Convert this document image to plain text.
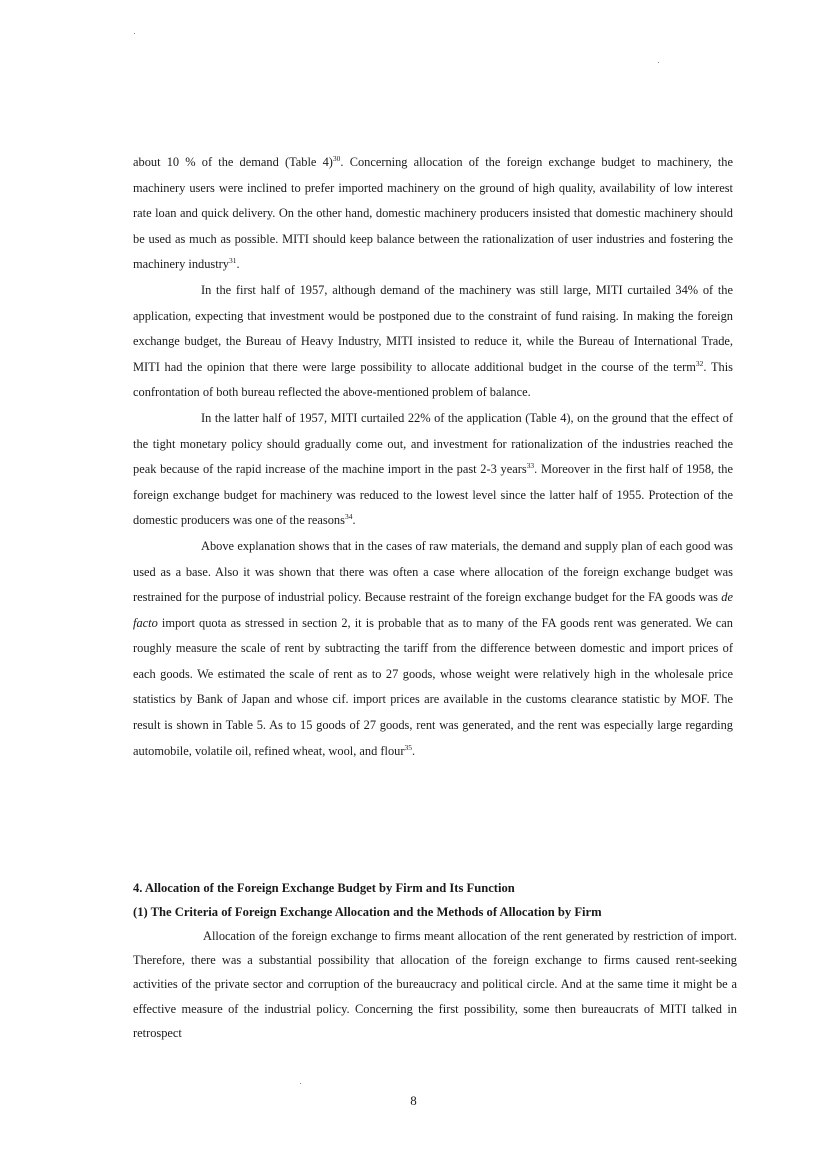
about 10 % of the demand (Table 4)$^{30}$. Concerning allocation of the foreign exchange budget to machinery, the machinery users were inclined to prefer imported machinery on the ground of high quality, availability of low interest rate loan and quick delivery. On the other hand, domestic machinery producers insisted that domestic machinery should be used as much as possible. MITI should keep balance between the rationalization of user industries and fostering the machinery industry$^{31}$.

In the first half of 1957, although demand of the machinery was still large, MITI curtailed 34% of the application, expecting that investment would be postponed due to the constraint of fund raising. In making the foreign exchange budget, the Bureau of Heavy Industry, MITI insisted to reduce it, while the Bureau of International Trade, MITI had the opinion that there were large possibility to allocate additional budget in the course of the term$^{32}$. This confrontation of both bureau reflected the above-mentioned problem of balance.

In the latter half of 1957, MITI curtailed 22% of the application (Table 4), on the ground that the effect of the tight monetary policy should gradually come out, and investment for rationalization of the industries reached the peak because of the rapid increase of the machine import in the past 2-3 years$^{33}$. Moreover in the first half of 1958, the foreign exchange budget for machinery was reduced to the lowest level since the latter half of 1955. Protection of the domestic producers was one of the reasons$^{34}$.

Above explanation shows that in the cases of raw materials, the demand and supply plan of each good was used as a base. Also it was shown that there was often a case where allocation of the foreign exchange budget was restrained for the purpose of industrial policy. Because restraint of the foreign exchange budget for the FA goods was de facto import quota as stressed in section 2, it is probable that as to many of the FA goods rent was generated. We can roughly measure the scale of rent by subtracting the tariff from the difference between domestic and import prices of each goods. We estimated the scale of rent as to 27 goods, whose weight were relatively high in the wholesale price statistics by Bank of Japan and whose cif. import prices are available in the customs clearance statistic by MOF. The result is shown in Table 5. As to 15 goods of 27 goods, rent was generated, and the rent was especially large regarding automobile, volatile oil, refined wheat, wool, and flour$^{35}$.

4. Allocation of the Foreign Exchange Budget by Firm and Its Function
(1) The Criteria of Foreign Exchange Allocation and the Methods of Allocation by Firm

Allocation of the foreign exchange to firms meant allocation of the rent generated by restriction of import. Therefore, there was a substantial possibility that allocation of the foreign exchange to firms caused rent-seeking activities of the private sector and corruption of the bureaucracy and political circle. And at the same time it might be a effective measure of the industrial policy. Concerning the first possibility, some then bureaucrats of MITI talked in retrospect

8
